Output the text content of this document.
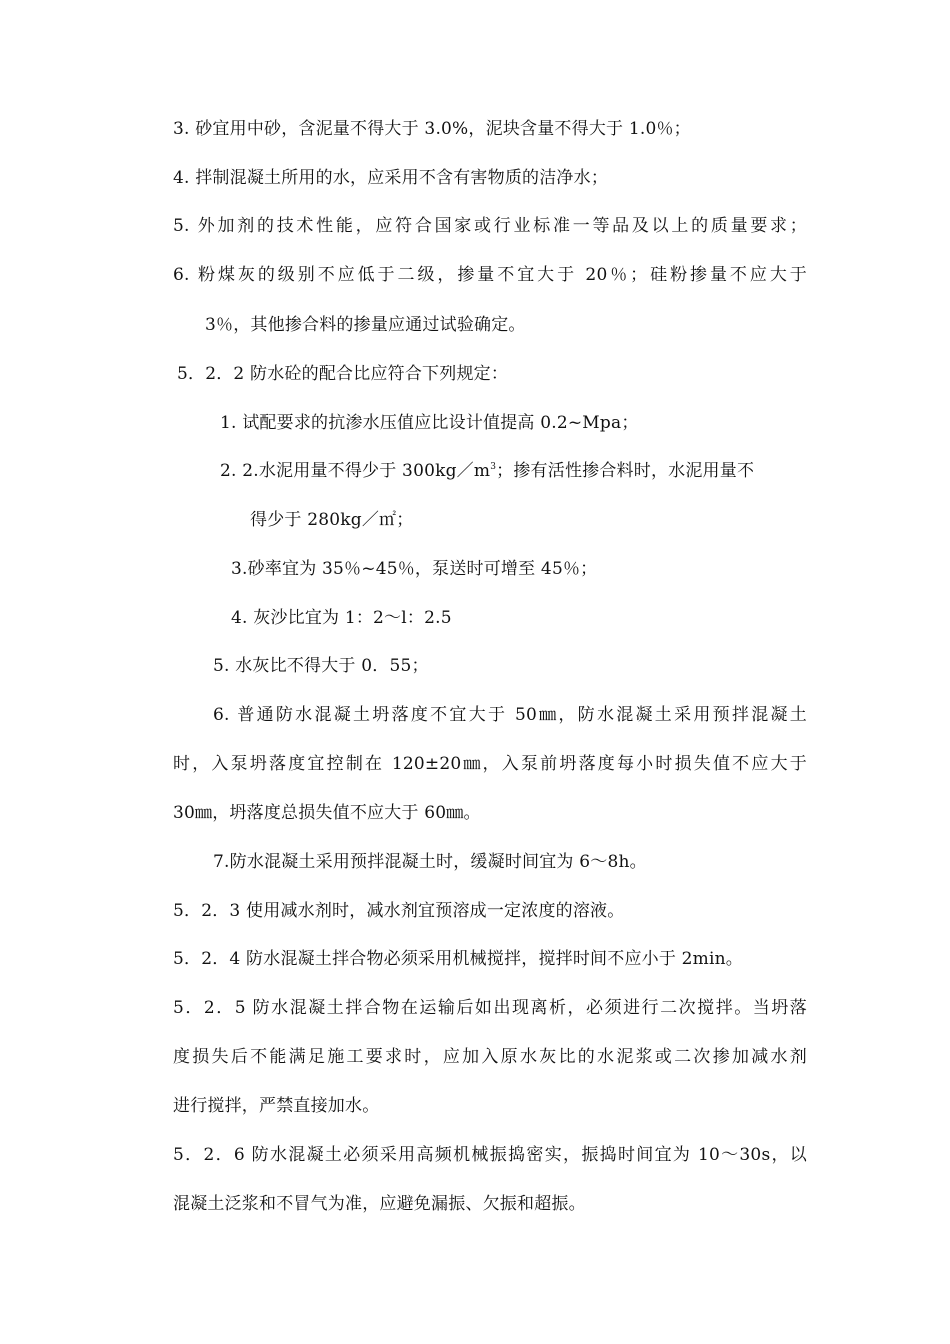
3. 砂宜用中砂，含泥量不得大于 3.0%，泥块含量不得大于 1.0％；
4. 拌制混凝土所用的水，应采用不含有害物质的洁净水；
5. 外加剂的技术性能，应符合国家或行业标准一等品及以上的质量要求；
6. 粉煤灰的级别不应低于二级，掺量不宜大于 20％；硅粉掺量不应大于
3％，其他掺合料的掺量应通过试验确定。
5．2．2 防水砼的配合比应符合下列规定：
1. 试配要求的抗渗水压值应比设计值提高 0.2~Mpa；
2. 2.水泥用量不得少于 $300kg/m^3$；掺有活性掺合料时，水泥用量不
得少于 280kg／㎡；
3.砂率宜为 35％~45％，泵送时可增至 45％；
4. 灰沙比宜为 1：2～l：2.5
5. 水灰比不得大于 0．55；
6. 普通防水混凝土坍落度不宜大于 50㎜，防水混凝土采用预拌混凝土
时，入泵坍落度宜控制在 120±20㎜，入泵前坍落度每小时损失值不应大于
30㎜，坍落度总损失值不应大于 60㎜。
7.防水混凝土采用预拌混凝土时，缓凝时间宜为 6～8h。
5．2．3 使用减水剂时，减水剂宜预溶成一定浓度的溶液。
5．2．4 防水混凝土拌合物必须采用机械搅拌，搅拌时间不应小于 2min。
5．2．5 防水混凝土拌合物在运输后如出现离析，必须进行二次搅拌。当坍落
度损失后不能满足施工要求时，应加入原水灰比的水泥浆或二次掺加减水剂
进行搅拌，严禁直接加水。
5．2．6 防水混凝土必须采用高频机械振捣密实，振捣时间宜为 10～30s，以
混凝土泛浆和不冒气为准，应避免漏振、欠振和超振。
